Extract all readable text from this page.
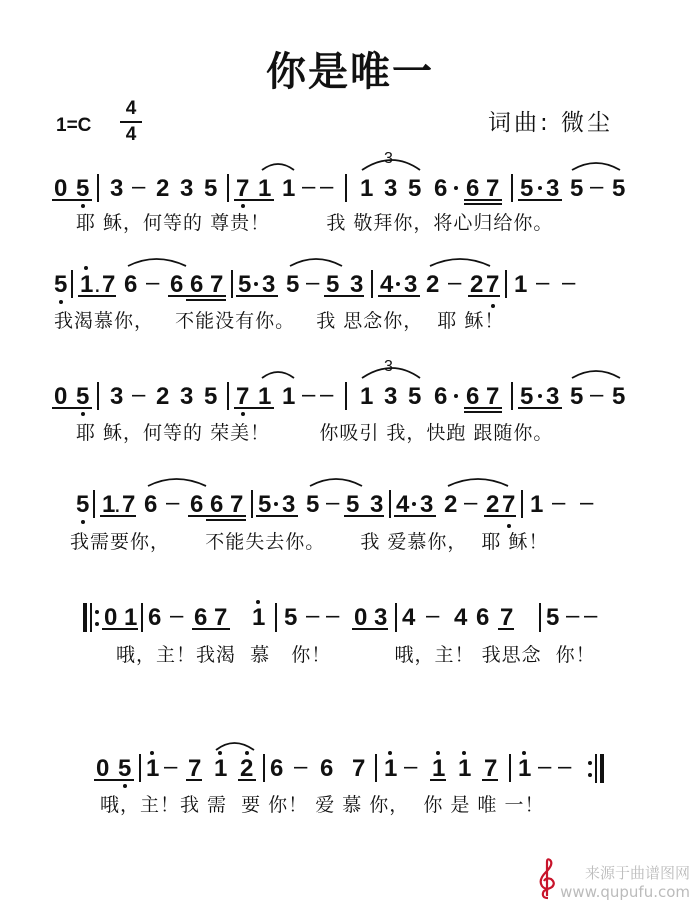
你是唯一
1=C
4
4	词曲: 微尘
0 5 3 – 2 3 5 7 1 1 – –
3
1 3 5 6 6 7 5 3 5 – 5
5 1 . 7 6 – 6 6 7 5 3 5 – 5 3 4 3 2 – 2 7 1 – –
0 5 3 – 2 3 5 7 1 1 – –
3
1 3 5 6 6 7 5 3 5 – 5
5 1
. 7 6 – 6 6 7 5 3 5 – 5 3 4 3 2 – 2 7 1 – –
0 1 6 – 6 7 1 5 – – 0 3 4 – 4 6 7 5 – –
0 5 1 – 7 1 2 6 – 6 7 1 – 1 1 7 1 – –
耶 稣，何等的 尊贵！        我 敬拜你，将心归给你。
我渴慕你，   不能没有你。   我 思念你，  耶 稣！
耶 稣，何等的 荣美！       你吸引 我，快跑 跟随你。
我需要你，     不能失去你。     我 爱慕你，  耶 稣！
哦，主！我渴  慕   你！         哦，主！ 我思念  你！
哦，主！我 需  要 你！ 爱 慕 你，  你 是 唯 一！
来源于曲谱图网
www.qupufu.com
